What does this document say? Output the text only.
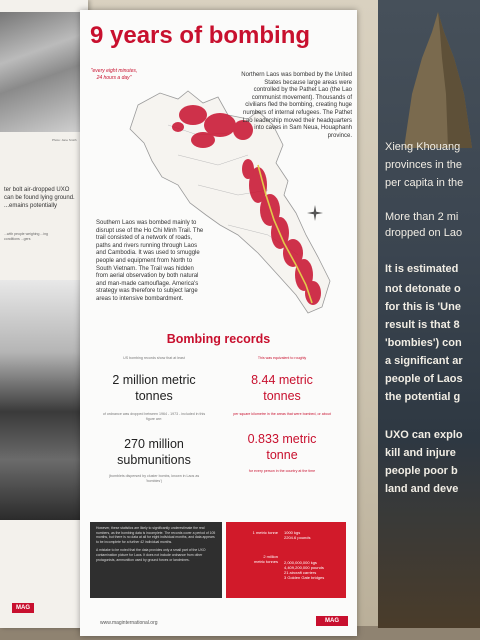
Photo: Jane Smith
ter bolt air-dropped UXO can be found lying ground. ...emains potentially
...with people weighing ...ing conditions ...gers
MAG
9 years of bombing
"every eight minutes, 24 hours a day"	Northern Laos was bombed by the United States because large areas were controlled by the Pathet Lao (the Lao communist movement). Thousands of civilians fled the bombing, creating huge numbers of internal refugees. The Pathet Lao leadership moved their headquarters into caves in Sam Neua, Houaphanh province.
Southern Laos was bombed mainly to disrupt use of the Ho Chi Minh Trail. The trail consisted of a network of roads, paths and rivers running through Laos and Cambodia. It was used to smuggle people and equipment from North to South Vietnam. The Trail was hidden from aerial observation by both natural and man-made camouflage. America's strategy was therefore to subject large areas to intensive bombardment.
Bombing records
US bombing records show that at least
2 million metric tonnes
of ordnance was dropped between 1964 - 1973 - included in this figure are:
270 million submunitions
(bomblets dispersed by cluster bombs, known in Laos as 'bombies')
This was equivalent to roughly
8.44 metric tonnes
per square kilometre in the areas that were bombed, or about
0.833 metric tonne
for every person in the country at the time

However, these statistics are likely to significantly underestimate the real numbers, as the bombing data is incomplete. The records cover a period of 105 months, but there is no data at all for eight individual months, and data appears to be incomplete for a further 42 individual months.

A mistake to be noted that the data provides only a small part of the UXO contamination picture for Laos. It does not include ordnance from other protagonists, ammunition used by ground forces or landmines.

1 metric tonne 1000 kgs
2204.6 pounds
2 million
metric tonnes 2,000,000,000 kgs
4,409,200,000 pounds
21 aircraft carriers
3 Golden Gate bridges
www.maginternational.org	MAG
Xieng Khouang
provinces in the
per capita in the
More than 2 mi
dropped on Lao
It is estimated
not detonate o
for this is 'Une
result is that 8
'bombies') con
a significant ar
people of Laos
the potential g
UXO can explo
kill and injure
people poor b
land and deve
